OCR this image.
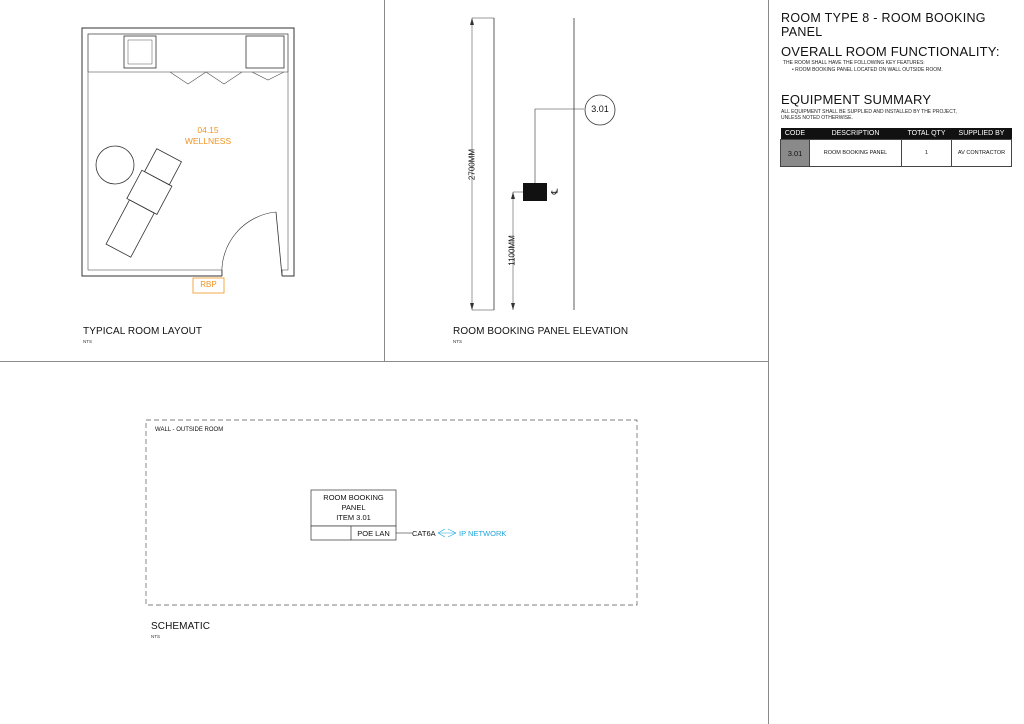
04.15
WELLNESS
RBP
TYPICAL ROOM LAYOUT
NTS
2700MM
1100MM
℄
3.01
ROOM BOOKING PANEL ELEVATION
NTS
WALL - OUTSIDE ROOM
ROOM BOOKING
PANEL
ITEM 3.01
POE LAN	CAT6A	IP NETWORK
SCHEMATIC
NTS
ROOM TYPE 8 - ROOM BOOKING PANEL
OVERALL ROOM FUNCTIONALITY:
THE ROOM SHALL HAVE THE FOLLOWING KEY FEATURES:
• ROOM BOOKING PANEL LOCATED ON WALL OUTSIDE ROOM.
EQUIPMENT SUMMARY
ALL EQUIPMENT SHALL BE SUPPLIED AND INSTALLED BY THE PROJECT,
UNLESS NOTED OTHERWISE.
CODE	DESCRIPTION	TOTAL QTY	SUPPLIED BY
3.01	ROOM BOOKING PANEL	1	AV CONTRACTOR
